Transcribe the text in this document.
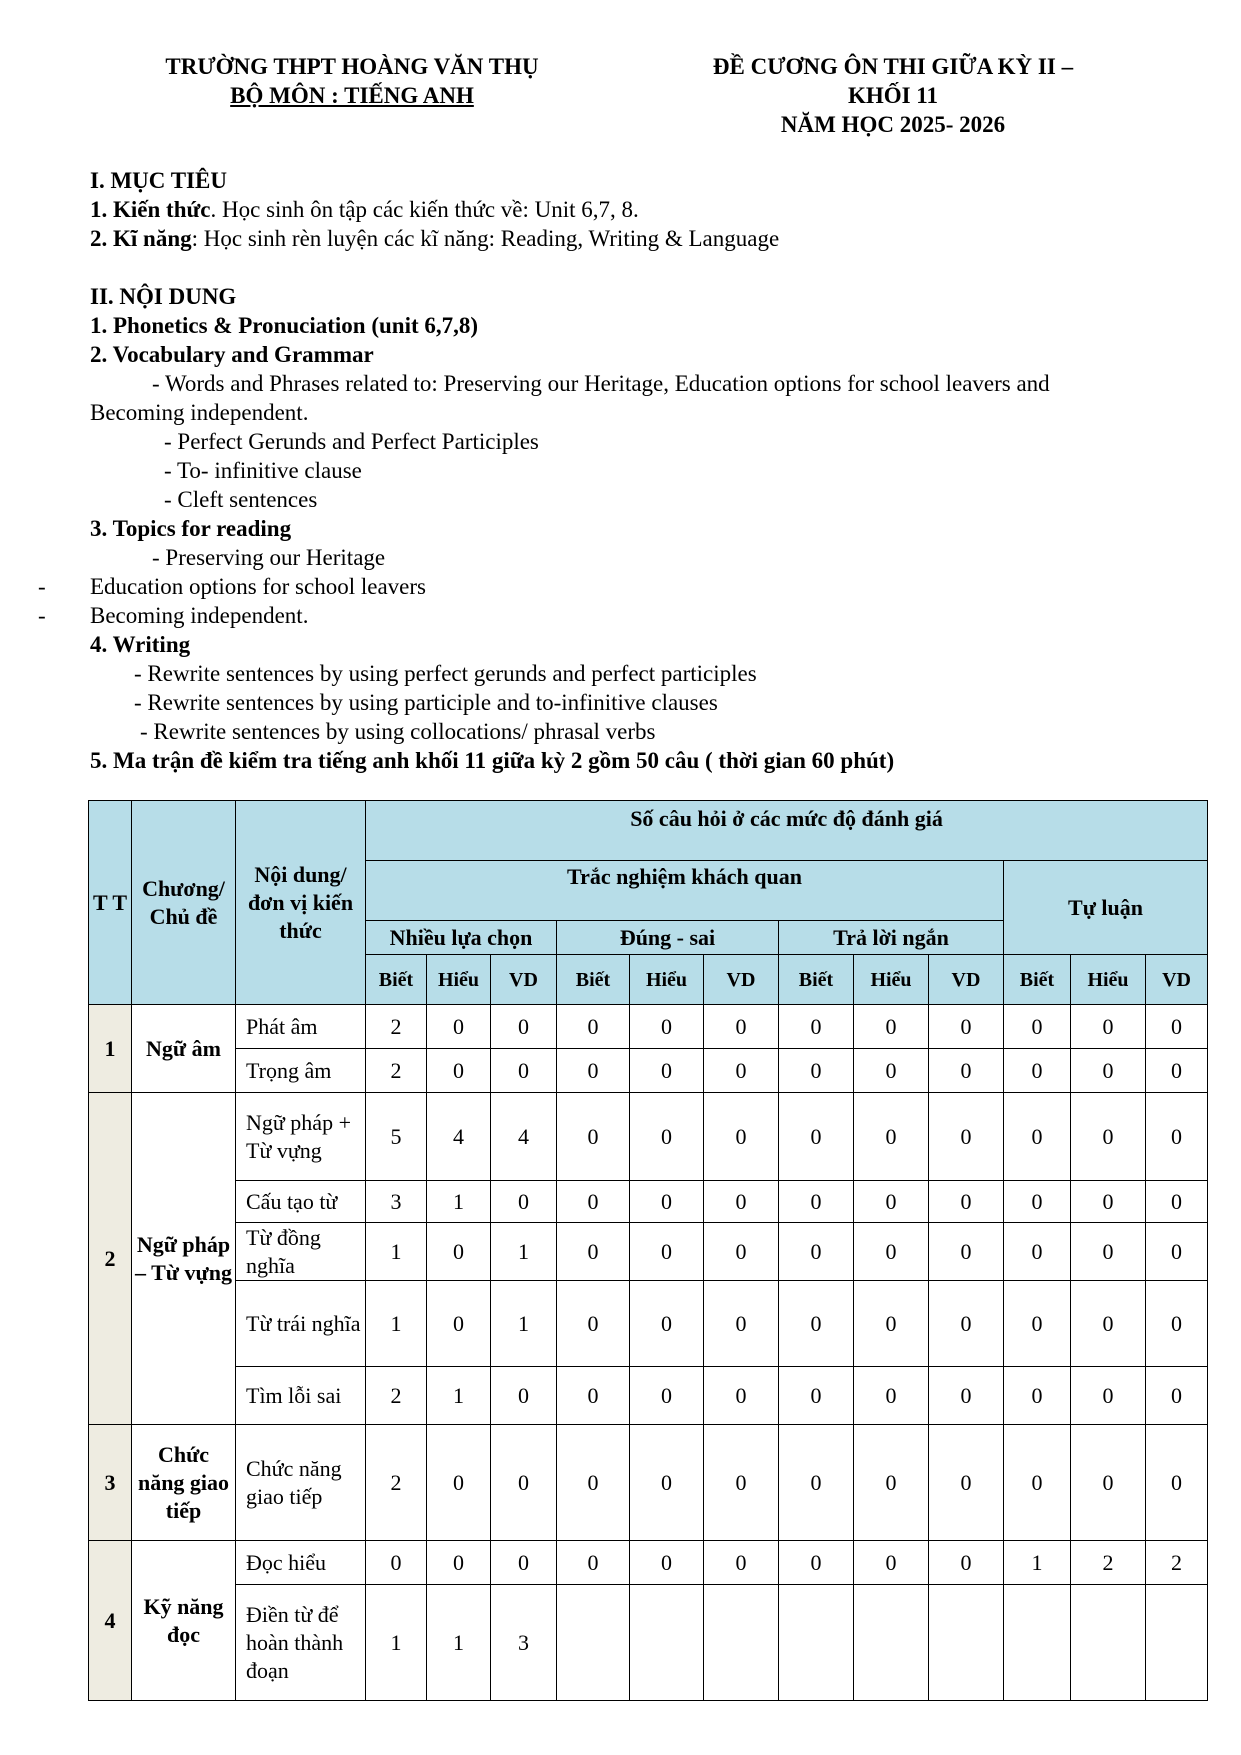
TRƯỜNG THPT HOÀNG VĂN THỤ
BỘ MÔN : TIẾNG ANH
ĐỀ CƯƠNG ÔN THI GIỮA KỲ II –
KHỐI 11
NĂM HỌC 2025- 2026
I. MỤC TIÊU
1. Kiến thức. Học sinh ôn tập các kiến thức về: Unit 6,7, 8.
2. Kĩ năng: Học sinh rèn luyện các kĩ năng: Reading, Writing & Language
II. NỘI DUNG
1. Phonetics & Pronuciation (unit 6,7,8)
2. Vocabulary and Grammar
- Words and Phrases related to: Preserving our Heritage, Education options for school leavers and
Becoming independent.
- Perfect Gerunds and Perfect Participles
- To- infinitive clause
- Cleft sentences
3. Topics for reading
- Preserving our Heritage
- Education options for school leavers
- Becoming independent.
4. Writing
- Rewrite sentences by using perfect gerunds and perfect participles
- Rewrite sentences by using participle and to-infinitive clauses
- Rewrite sentences by using collocations/ phrasal verbs
5. Ma trận đề kiểm tra tiếng anh khối 11 giữa kỳ 2 gồm 50 câu ( thời gian 60 phút)
T T	Chương/ Chủ đề	Nội dung/ đơn vị kiến thức	Số câu hỏi ở các mức độ đánh giá											
			Trắc nghiệm khách quan									Tự luận		
			Nhiều lựa chọn			Đúng - sai			Trả lời ngắn					
			Biết	Hiểu	VD	Biết	Hiểu	VD	Biết	Hiểu	VD	Biết	Hiểu	VD
1	Ngữ âm	Phát âm	2	0	0	0	0	0	0	0	0	0	0	0
		Trọng âm	2	0	0	0	0	0	0	0	0	0	0	0
2	Ngữ pháp – Từ vựng	Ngữ pháp + Từ vựng	5	4	4	0	0	0	0	0	0	0	0	0
		Cấu tạo từ	3	1	0	0	0	0	0	0	0	0	0	0
		Từ đồng nghĩa	1	0	1	0	0	0	0	0	0	0	0	0
		Từ trái nghĩa	1	0	1	0	0	0	0	0	0	0	0	0
		Tìm lỗi sai	2	1	0	0	0	0	0	0	0	0	0	0
3	Chức năng giao tiếp	Chức năng giao tiếp	2	0	0	0	0	0	0	0	0	0	0	0
4	Kỹ năng đọc	Đọc hiểu	0	0	0	0	0	0	0	0	0	1	2	2
		Điền từ để hoàn thành đoạn	1	1	3									
